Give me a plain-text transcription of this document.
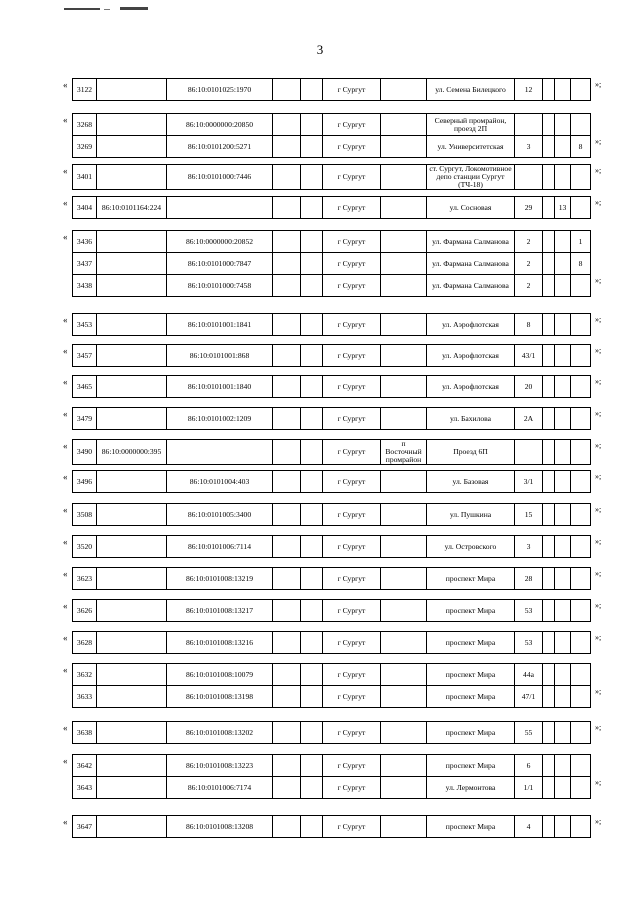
3
3122		86:10:0101025:1970			г Сургут		ул. Семена Билецкого	12			
«	»;
3268		86:10:0000000:20850			г Сургут		Северный промрайон, проезд 2П				
3269		86:10:0101200:5271			г Сургут		ул. Университетская	3			8
«
»;
3401		86:10:0101000:7446			г Сургут		ст. Сургут, Локомотивное депо станции Сургут (ТЧ-18)				
«	»;
3404	86:10:0101164:224				г Сургут		ул. Сосновая	29		13	
«	»;
3436		86:10:0000000:20852			г Сургут		ул. Фармана Салманова	2			1
3437		86:10:0101000:7847			г Сургут		ул. Фармана Салманова	2			8
3438		86:10:0101000:7458			г Сургут		ул. Фармана Салманова	2			
«
»;
3453		86:10:0101001:1841			г Сургут		ул. Аэрофлотская	8			
«	»;
3457		86:10:0101001:868			г Сургут		ул. Аэрофлотская	43/1			
«	»;
3465		86:10:0101001:1840			г Сургут		ул. Аэрофлотская	20			
«	»;
3479		86:10:0101002:1209			г Сургут		ул. Бахилова	2А			
«	»;
3490	86:10:0000000:395				г Сургут	п Восточный промрайон	Проезд 6П				
«	»;
3496		86:10:0101004:403			г Сургут		ул. Базовая	3/1			
«	»;
3508		86:10:0101005:3400			г Сургут		ул. Пушкина	15			
«	»;
3520		86:10:0101006:7114			г Сургут		ул. Островского	3			
«	»;
3623		86:10:0101008:13219			г Сургут		проспект Мира	28			
«	»;
3626		86:10:0101008:13217			г Сургут		проспект Мира	53			
«	»;
3628		86:10:0101008:13216			г Сургут		проспект Мира	53			
«	»;
3632		86:10:0101008:10079			г Сургут		проспект Мира	44а			
3633		86:10:0101008:13198			г Сургут		проспект Мира	47/1			
«
»;
3638		86:10:0101008:13202			г Сургут		проспект Мира	55			
«	»;
3642		86:10:0101008:13223			г Сургут		проспект Мира	6			
3643		86:10:0101006:7174			г Сургут		ул. Лермонтова	1/1			
«
»;
3647		86:10:0101008:13208			г Сургут		проспект Мира	4			
«	»;
